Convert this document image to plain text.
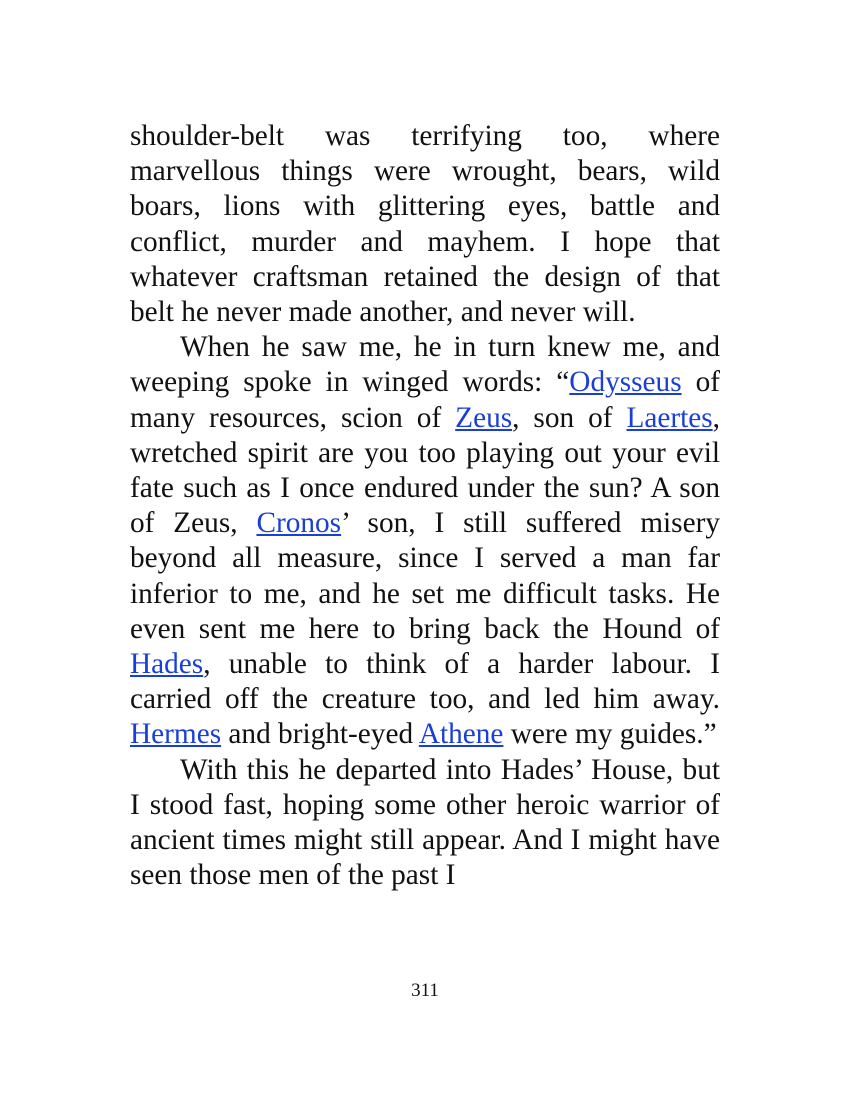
shoulder-belt was terrifying too, where marvellous things were wrought, bears, wild boars, lions with glittering eyes, battle and conflict, murder and mayhem. I hope that whatever craftsman retained the design of that belt he never made another, and never will.

When he saw me, he in turn knew me, and weeping spoke in winged words: “Odysseus of many resources, scion of Zeus, son of Laertes, wretched spirit are you too playing out your evil fate such as I once endured under the sun? A son of Zeus, Cronos’ son, I still suffered misery beyond all measure, since I served a man far inferior to me, and he set me difficult tasks. He even sent me here to bring back the Hound of Hades, unable to think of a harder labour. I carried off the creature too, and led him away. Hermes and bright-eyed Athene were my guides.”

With this he departed into Hades’ House, but I stood fast, hoping some other heroic warrior of ancient times might still appear. And I might have seen those men of the past I

311
